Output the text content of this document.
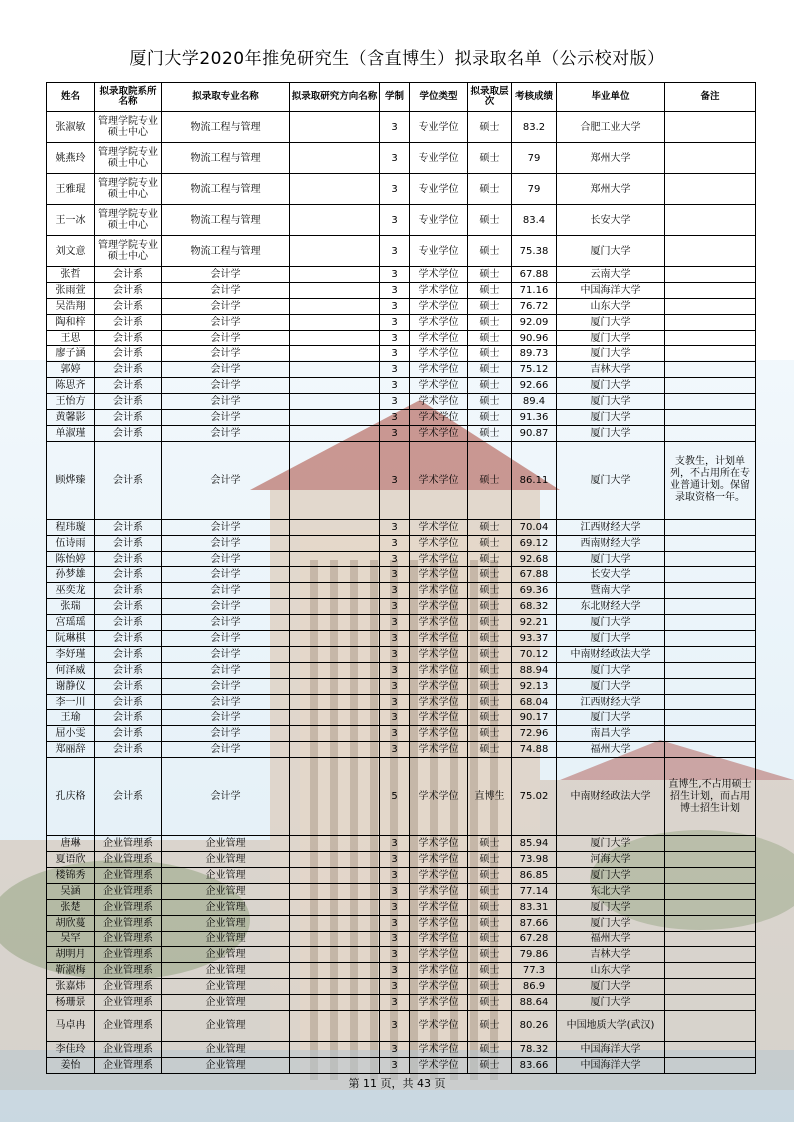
厦门大学2020年推免研究生（含直博生）拟录取名单（公示校对版）
姓名	拟录取院系所名称	拟录取专业名称	拟录取研究方向名称	学制	学位类型	拟录取层次	考核成绩	毕业单位	备注
张淑敏	管理学院专业硕士中心	物流工程与管理		3	专业学位	硕士	83.2	合肥工业大学	
姚燕玲	管理学院专业硕士中心	物流工程与管理		3	专业学位	硕士	79	郑州大学	
王雅琨	管理学院专业硕士中心	物流工程与管理		3	专业学位	硕士	79	郑州大学	
王一冰	管理学院专业硕士中心	物流工程与管理		3	专业学位	硕士	83.4	长安大学	
刘文意	管理学院专业硕士中心	物流工程与管理		3	专业学位	硕士	75.38	厦门大学	
张哲	会计系	会计学		3	学术学位	硕士	67.88	云南大学	
张雨萱	会计系	会计学		3	学术学位	硕士	71.16	中国海洋大学	
吴浩翔	会计系	会计学		3	学术学位	硕士	76.72	山东大学	
陶和梓	会计系	会计学		3	学术学位	硕士	92.09	厦门大学	
王思	会计系	会计学		3	学术学位	硕士	90.96	厦门大学	
廖子涵	会计系	会计学		3	学术学位	硕士	89.73	厦门大学	
郭婷	会计系	会计学		3	学术学位	硕士	75.12	吉林大学	
陈思齐	会计系	会计学		3	学术学位	硕士	92.66	厦门大学	
王怡方	会计系	会计学		3	学术学位	硕士	89.4	厦门大学	
黄馨影	会计系	会计学		3	学术学位	硕士	91.36	厦门大学	
单淑瑾	会计系	会计学		3	学术学位	硕士	90.87	厦门大学	
顾烨臻	会计系	会计学		3	学术学位	硕士	86.11	厦门大学	支教生，计划单列，不占用所在专业普通计划。保留录取资格一年。
程玮璇	会计系	会计学		3	学术学位	硕士	70.04	江西财经大学	
伍诗雨	会计系	会计学		3	学术学位	硕士	69.12	西南财经大学	
陈怡婷	会计系	会计学		3	学术学位	硕士	92.68	厦门大学	
孙梦雄	会计系	会计学		3	学术学位	硕士	67.88	长安大学	
巫奕龙	会计系	会计学		3	学术学位	硕士	69.36	暨南大学	
张瑞	会计系	会计学		3	学术学位	硕士	68.32	东北财经大学	
宫瑶瑶	会计系	会计学		3	学术学位	硕士	92.21	厦门大学	
阮琳棋	会计系	会计学		3	学术学位	硕士	93.37	厦门大学	
李妤瑾	会计系	会计学		3	学术学位	硕士	70.12	中南财经政法大学	
何泽威	会计系	会计学		3	学术学位	硕士	88.94	厦门大学	
谢静仪	会计系	会计学		3	学术学位	硕士	92.13	厦门大学	
李一川	会计系	会计学		3	学术学位	硕士	68.04	江西财经大学	
王瑜	会计系	会计学		3	学术学位	硕士	90.17	厦门大学	
屈小雯	会计系	会计学		3	学术学位	硕士	72.96	南昌大学	
郑丽辞	会计系	会计学		3	学术学位	硕士	74.88	福州大学	
孔庆格	会计系	会计学		5	学术学位	直博生	75.02	中南财经政法大学	直博生,不占用硕士招生计划，而占用博士招生计划
唐琳	企业管理系	企业管理		3	学术学位	硕士	85.94	厦门大学	
夏语欣	企业管理系	企业管理		3	学术学位	硕士	73.98	河海大学	
楼锦秀	企业管理系	企业管理		3	学术学位	硕士	86.85	厦门大学	
吴涵	企业管理系	企业管理		3	学术学位	硕士	77.14	东北大学	
张楚	企业管理系	企业管理		3	学术学位	硕士	83.31	厦门大学	
胡欣蔓	企业管理系	企业管理		3	学术学位	硕士	87.66	厦门大学	
吴罕	企业管理系	企业管理		3	学术学位	硕士	67.28	福州大学	
胡明月	企业管理系	企业管理		3	学术学位	硕士	79.86	吉林大学	
靳淑梅	企业管理系	企业管理		3	学术学位	硕士	77.3	山东大学	
张嘉炜	企业管理系	企业管理		3	学术学位	硕士	86.9	厦门大学	
杨珊景	企业管理系	企业管理		3	学术学位	硕士	88.64	厦门大学	
马卓冉	企业管理系	企业管理		3	学术学位	硕士	80.26	中国地质大学(武汉)	
李佳玲	企业管理系	企业管理		3	学术学位	硕士	78.32	中国海洋大学	
姜怡	企业管理系	企业管理		3	学术学位	硕士	83.66	中国海洋大学	
第 11 页，共 43 页
